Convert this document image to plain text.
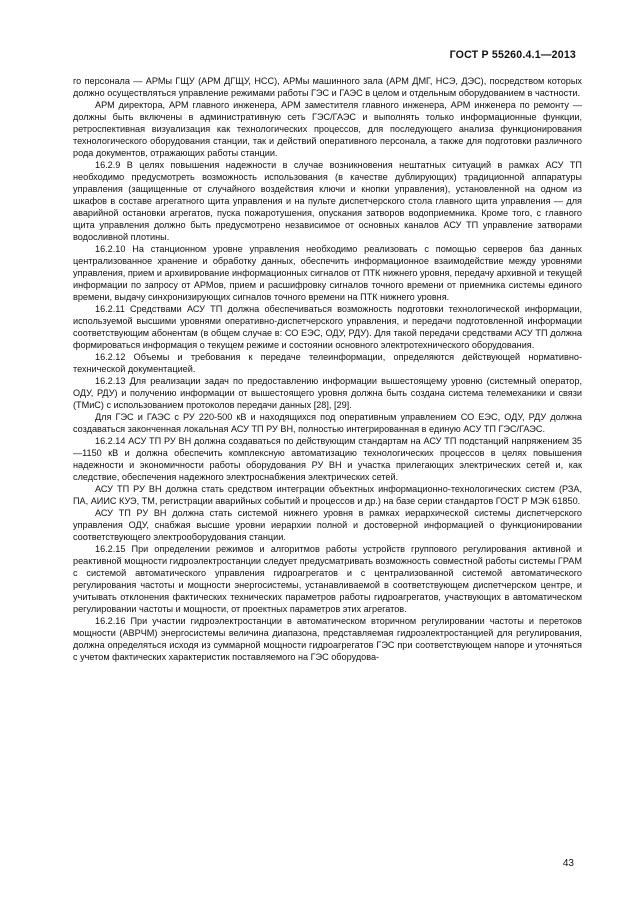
ГОСТ Р 55260.4.1—2013

го персонала — АРМы ГЩУ (АРМ ДГЩУ, НСС), АРМы машинного зала (АРМ ДМГ, НСЭ, ДЭС), посредством которых должно осуществляться управление режимами работы ГЭС и ГАЭС в целом и отдельным оборудованием в частности.

АРМ директора, АРМ главного инженера, АРМ заместителя главного инженера, АРМ инженера по ремонту — должны быть включены в административную сеть ГЭС/ГАЭС и выполнять только информационные функции, ретроспективная визуализация как технологических процессов, для последующего анализа функционирования технологического оборудования станции, так и действий оперативного персонала, а также для подготовки различного рода документов, отражающих работы станции.

16.2.9 В целях повышения надежности в случае возникновения нештатных ситуаций в рамках АСУ ТП необходимо предусмотреть возможность использования (в качестве дублирующих) традиционной аппаратуры управления (защищенные от случайного воздействия ключи и кнопки управления), установленной на одном из шкафов в составе агрегатного щита управления и на пульте диспетчерского стола главного щита управления — для аварийной остановки агрегатов, пуска пожаротушения, опускания затворов водоприемника. Кроме того, с главного щита управления должно быть предусмотрено независимое от основных каналов АСУ ТП управление затворами водосливной плотины.

16.2.10 На станционном уровне управления необходимо реализовать с помощью серверов баз данных централизованное хранение и обработку данных, обеспечить информационное взаимодействие между уровнями управления, прием и архивирование информационных сигналов от ПТК нижнего уровня, передачу архивной и текущей информации по запросу от АРМов, прием и расшифровку сигналов точного времени от приемника системы единого времени, выдачу синхронизирующих сигналов точного времени на ПТК нижнего уровня.

16.2.11 Средствами АСУ ТП должна обеспечиваться возможность подготовки технологической информации, используемой высшими уровнями оперативно-диспетчерского управления, и передачи подготовленной информации соответствующим абонентам (в общем случае в: СО ЕЭС, ОДУ, РДУ). Для такой передачи средствами АСУ ТП должна формироваться информация о текущем режиме и состоянии основного электротехнического оборудования.

16.2.12 Объемы и требования к передаче телеинформации, определяются действующей нормативно-технической документацией.

16.2.13 Для реализации задач по предоставлению информации вышестоящему уровню (системный оператор, ОДУ, РДУ) и получению информации от вышестоящего уровня должна быть создана система телемеханики и связи (ТМиС) с использованием протоколов передачи данных [28], [29].

Для ГЭС и ГАЭС с РУ 220-500 кВ и находящихся под оперативным управлением СО ЕЭС, ОДУ, РДУ должна создаваться законченная локальная АСУ ТП РУ ВН, полностью интегрированная в единую АСУ ТП ГЭС/ГАЭС.

16.2.14 АСУ ТП РУ ВН должна создаваться по действующим стандартам на АСУ ТП подстанций напряжением 35—1150 кВ и должна обеспечить комплексную автоматизацию технологических процессов в целях повышения надежности и экономичности работы оборудования РУ ВН и участка прилегающих электрических сетей и, как следствие, обеспечения надежного электроснабжения электрических сетей.

АСУ ТП РУ ВН должна стать средством интеграции объектных информационно-технологических систем (РЗА, ПА, АИИС КУЭ, ТМ, регистрации аварийных событий и процессов и др.) на базе серии стандартов ГОСТ Р МЭК 61850.

АСУ ТП РУ ВН должна стать системой нижнего уровня в рамках иерархической системы диспетчерского управления ОДУ, снабжая высшие уровни иерархии полной и достоверной информацией о функционировании соответствующего электрооборудования станции.

16.2.15 При определении режимов и алгоритмов работы устройств группового регулирования активной и реактивной мощности гидроэлектростанции следует предусматривать возможность совместной работы системы ГРАМ с системой автоматического управления гидроагрегатов и с централизованной системой автоматического регулирования частоты и мощности энергосистемы, устанавливаемой в соответствующем диспетчерском центре, и учитывать отклонения фактических технических параметров работы гидроагрегатов, участвующих в автоматическом регулировании частоты и мощности, от проектных параметров этих агрегатов.

16.2.16 При участии гидроэлектростанции в автоматическом вторичном регулировании частоты и перетоков мощности (АВРЧМ) энергосистемы величина диапазона, представляемая гидроэлектростанцией для регулирования, должна определяться исходя из суммарной мощности гидроагрегатов ГЭС при соответствующем напоре и уточняться с учетом фактических характеристик поставляемого на ГЭС оборудова-

43
